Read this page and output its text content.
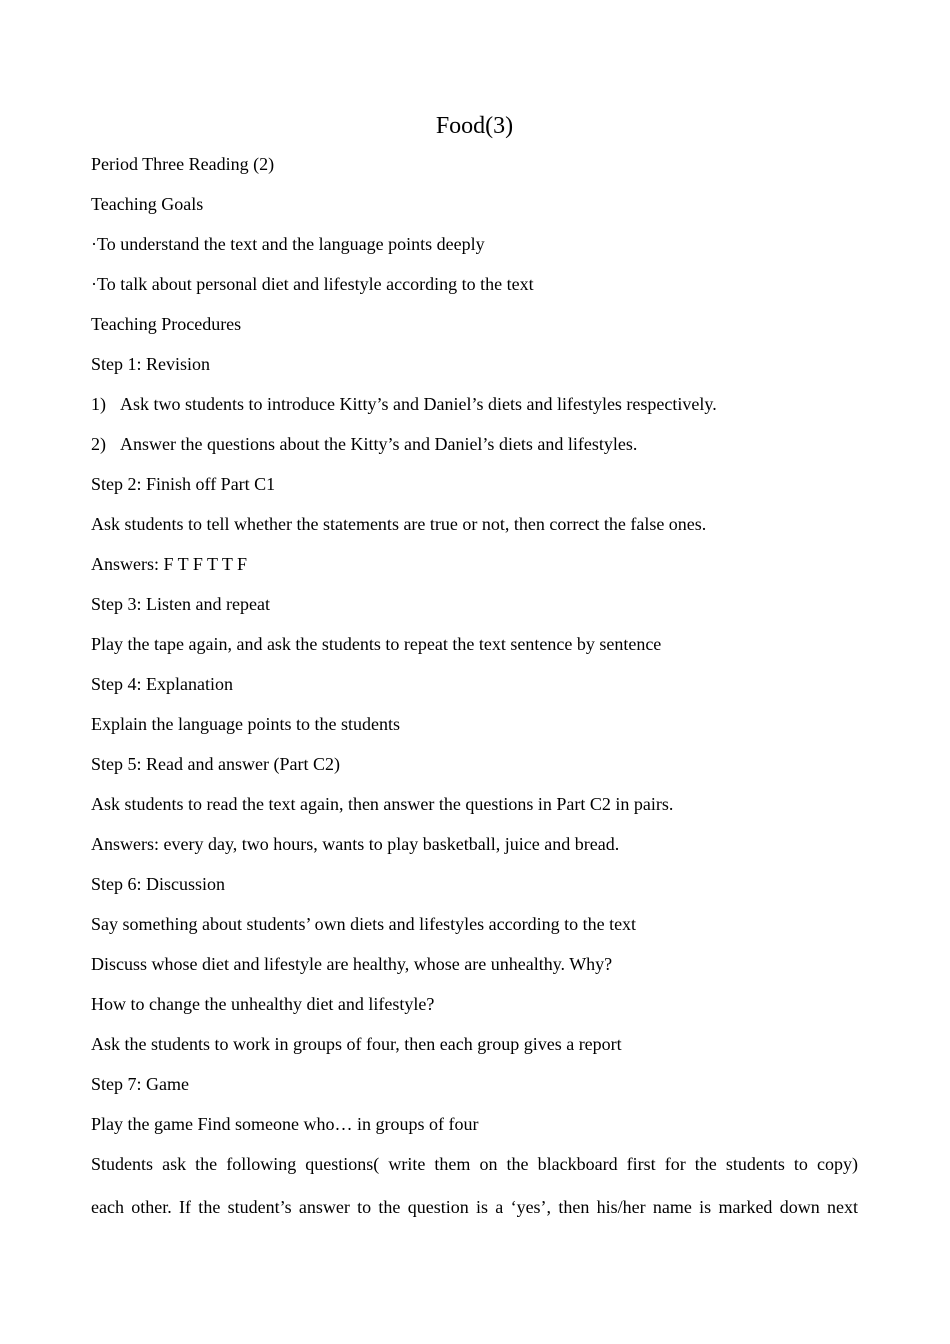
Food(3)
Period Three Reading (2)
Teaching Goals
·To understand the text and the language points deeply
·To talk about personal diet and lifestyle according to the text
Teaching Procedures
Step 1: Revision
1) Ask two students to introduce Kitty’s and Daniel’s diets and lifestyles respectively.
2) Answer the questions about the Kitty’s and Daniel’s diets and lifestyles.
Step 2: Finish off Part C1
Ask students to tell whether the statements are true or not, then correct the false ones.
Answers: F T F T T F
Step 3: Listen and repeat
Play the tape again, and ask the students to repeat the text sentence by sentence
Step 4: Explanation
Explain the language points to the students
Step 5: Read and answer (Part C2)
Ask students to read the text again, then answer the questions in Part C2 in pairs.
Answers: every day, two hours, wants to play basketball, juice and bread.
Step 6: Discussion
Say something about students’ own diets and lifestyles according to the text
Discuss whose diet and lifestyle are healthy, whose are unhealthy. Why?
How to change the unhealthy diet and lifestyle?
Ask the students to work in groups of four, then each group gives a report
Step 7: Game
Play the game Find someone who… in groups of four
Students ask the following questions( write them on the blackboard first for the students to copy)
each other. If the student’s answer to the question is a ‘yes’, then his/her name is marked down next
